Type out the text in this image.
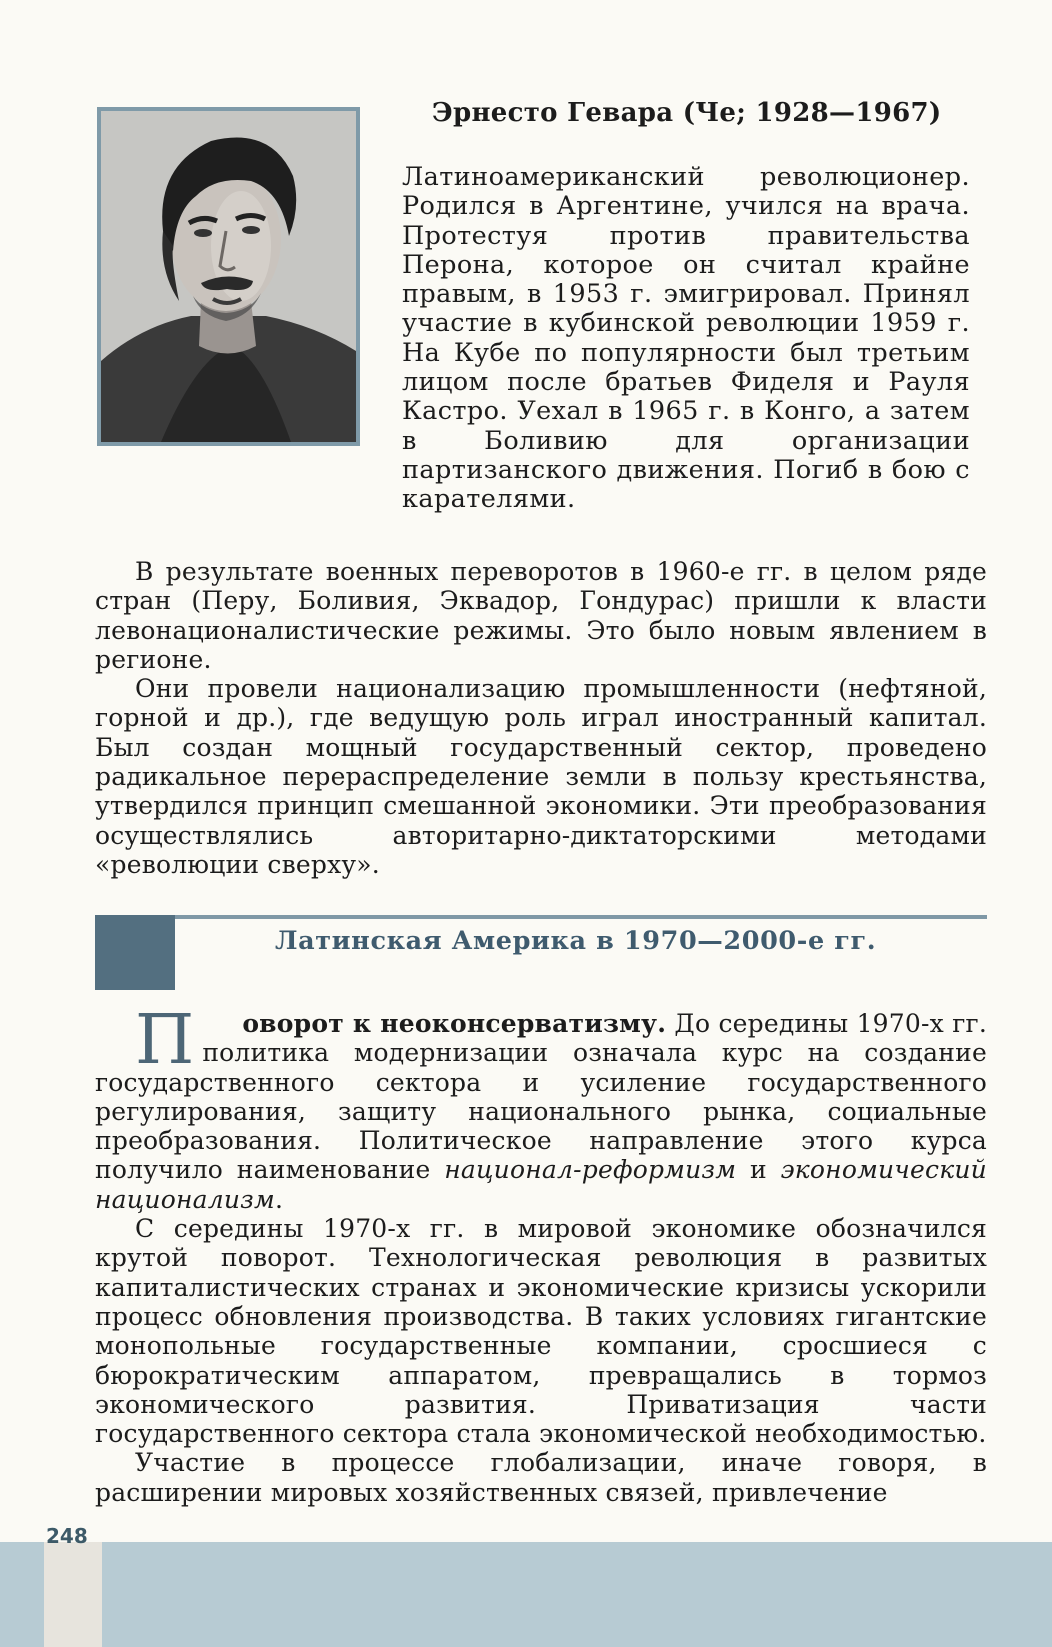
Эрнесто Гевара (Че; 1928—1967)
Латиноамериканский революционер. Родился в Аргентине, учился на врача. Протестуя против правительства Перона, которое он считал крайне правым, в 1953 г. эмигрировал. Принял участие в кубинской революции 1959 г. На Кубе по популярности был третьим лицом после братьев Фиделя и Рауля Кастро. Уехал в 1965 г. в Конго, а затем в Боливию для организации партизанского движения. Погиб в бою с карателями.

В результате военных переворотов в 1960-е гг. в целом ряде стран (Перу, Боливия, Эквадор, Гондурас) пришли к власти левонационалистические режимы. Это было новым явлением в регионе.

Они провели национализацию промышленности (нефтяной, горной и др.), где ведущую роль играл иностранный капитал. Был создан мощный государственный сектор, проведено радикальное перераспределение земли в пользу крестьянства, утвердился принцип смешанной экономики. Эти преобразования осуществлялись авторитарно-диктаторскими методами «революции сверху».

Латинская Америка в 1970—2000-е гг.

П оворот к неоконсерватизму. До середины 1970-х гг. политика модернизации означала курс на создание государственного сектора и усиление государственного регулирования, защиту национального рынка, социальные преобразования. Политическое направление этого курса получило наименование национал-реформизм и экономический национализм.

С середины 1970-х гг. в мировой экономике обозначился крутой поворот. Технологическая революция в развитых капиталистических странах и экономические кризисы ускорили процесс обновления производства. В таких условиях гигантские монопольные государственные компании, сросшиеся с бюрократическим аппаратом, превращались в тормоз экономического развития. Приватизация части государственного сектора стала экономической необходимостью.

Участие в процессе глобализации, иначе говоря, в расширении мировых хозяйственных связей, привлечение

248
